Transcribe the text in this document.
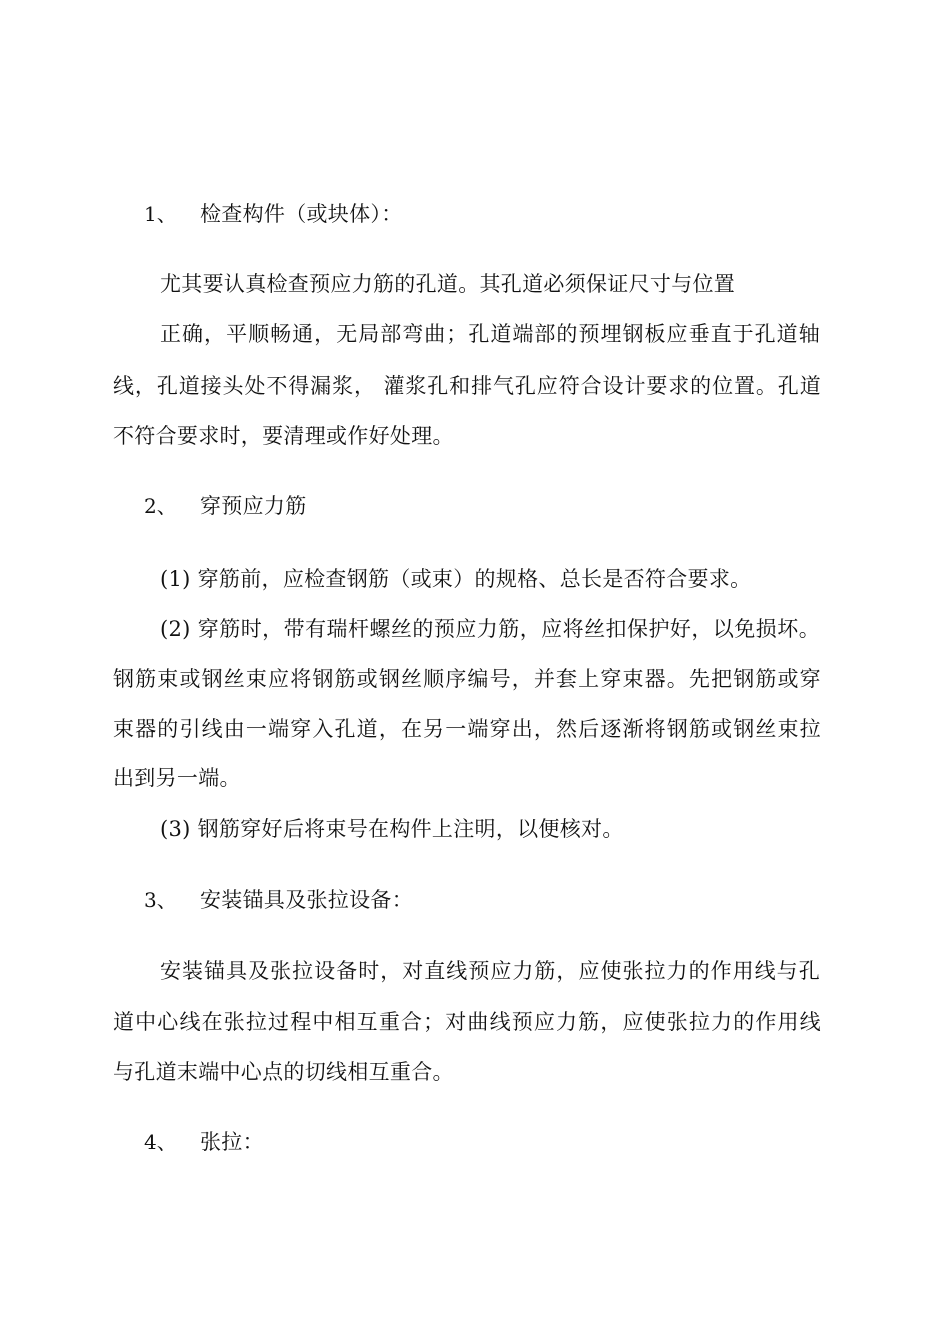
1、 检查构件（或块体）：
尤其要认真检查预应力筋的孔道。其孔道必须保证尺寸与位置
正确，平顺畅通，无局部弯曲；孔道端部的预埋钢板应垂直于孔道轴
线，孔道接头处不得漏浆， 灌浆孔和排气孔应符合设计要求的位置。孔道
不符合要求时，要清理或作好处理。
2、 穿预应力筋
(1) 穿筋前，应检查钢筋（或束）的规格、总长是否符合要求。
(2) 穿筋时，带有瑞杆螺丝的预应力筋，应将丝扣保护好，以免损坏。
钢筋束或钢丝束应将钢筋或钢丝顺序编号，并套上穿束器。先把钢筋或穿
束器的引线由一端穿入孔道，在另一端穿出，然后逐渐将钢筋或钢丝束拉
出到另一端。
(3) 钢筋穿好后将束号在构件上注明，以便核对。
3、 安装锚具及张拉设备：
安装锚具及张拉设备时，对直线预应力筋，应使张拉力的作用线与孔
道中心线在张拉过程中相互重合；对曲线预应力筋，应使张拉力的作用线
与孔道末端中心点的切线相互重合。
4、 张拉：
